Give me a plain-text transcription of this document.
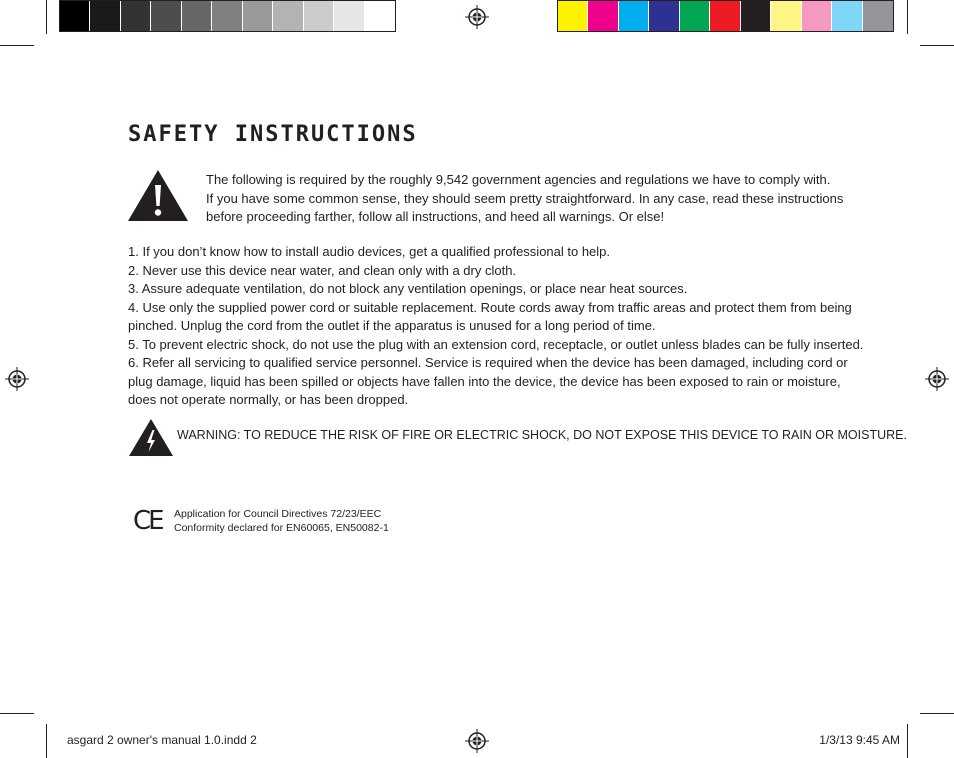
SAFETY INSTRUCTIONS
The following is required by the roughly 9,542 government agencies and regulations we have to comply with.
If you have some common sense, they should seem pretty straightforward. In any case, read these instructions
before proceeding farther, follow all instructions, and heed all warnings. Or else!
1. If you don’t know how to install audio devices, get a qualified professional to help.
2. Never use this device near water, and clean only with a dry cloth.
3. Assure adequate ventilation, do not block any ventilation openings, or place near heat sources.
4. Use only the supplied power cord or suitable replacement. Route cords away from traffic areas and protect them from being
pinched. Unplug the cord from the outlet if the apparatus is unused for a long period of time.
5. To prevent electric shock, do not use the plug with an extension cord, receptacle, or outlet unless blades can be fully inserted.
6. Refer all servicing to qualified service personnel. Service is required when the device has been damaged, including cord or
plug damage, liquid has been spilled or objects have fallen into the device, the device has been exposed to rain or moisture,
does not operate normally, or has been dropped.
WARNING: TO REDUCE THE RISK OF FIRE OR ELECTRIC SHOCK, DO NOT EXPOSE THIS DEVICE TO RAIN OR MOISTURE.
CE Application for Council Directives 72/23/EEC
Conformity declared for EN60065, EN50082-1
asgard 2 owner's manual 1.0.indd 2	1/3/13 9:45 AM
